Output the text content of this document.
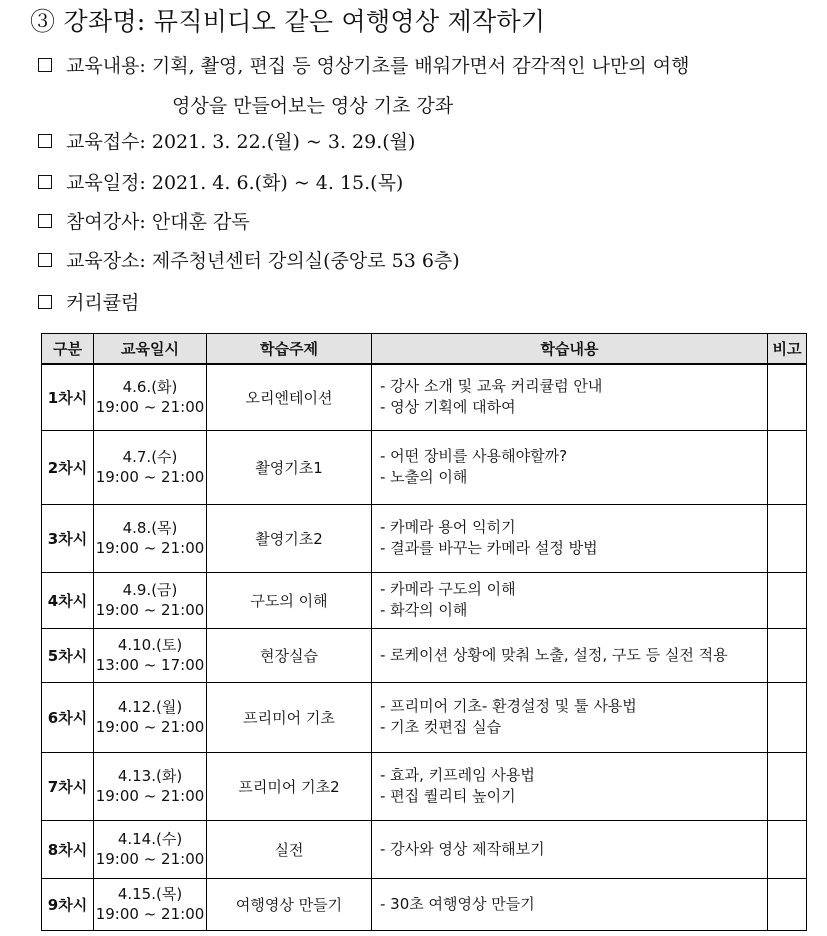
③ 강좌명: 뮤직비디오 같은 여행영상 제작하기
교육내용:
기획, 촬영, 편집 등 영상기초를 배워가면서 감각적인 나만의 여행
영상을 만들어보는 영상 기초 강좌
교육접수:
2021. 3. 22.(월) ~ 3. 29.(월)
교육일정:
2021. 4. 6.(화) ~ 4. 15.(목)
참여강사:
안대훈 감독
교육장소:
제주청년센터 강의실(중앙로 53 6층)
커리큘럼
구분	교육일시	학습주제	학습내용	비고
1차시	4.6.(화)
19:00 ~ 21:00	오리엔테이션	- 강사 소개 및 교육 커리큘럼 안내
- 영상 기획에 대하여	

2차시	4.7.(수)
19:00 ~ 21:00	촬영기초1	- 어떤 장비를 사용해야할까?
- 노출의 이해	

3차시	4.8.(목)
19:00 ~ 21:00	촬영기초2	- 카메라 용어 익히기
- 결과를 바꾸는 카메라 설정 방법	

4차시	4.9.(금)
19:00 ~ 21:00	구도의 이해	- 카메라 구도의 이해
- 화각의 이해	

5차시	4.10.(토)
13:00 ~ 17:00	현장실습	- 로케이션 상황에 맞춰 노출, 설정, 구도 등 실전 적용	

6차시	4.12.(월)
19:00 ~ 21:00	프리미어 기초	- 프리미어 기초- 환경설정 및 툴 사용법
- 기초 컷편집 실습	

7차시	4.13.(화)
19:00 ~ 21:00	프리미어 기초2	- 효과, 키프레임 사용법
- 편집 퀄리티 높이기	

8차시	4.14.(수)
19:00 ~ 21:00	실전	- 강사와 영상 제작해보기	

9차시	4.15.(목)
19:00 ~ 21:00	여행영상 만들기	- 30초 여행영상 만들기	
